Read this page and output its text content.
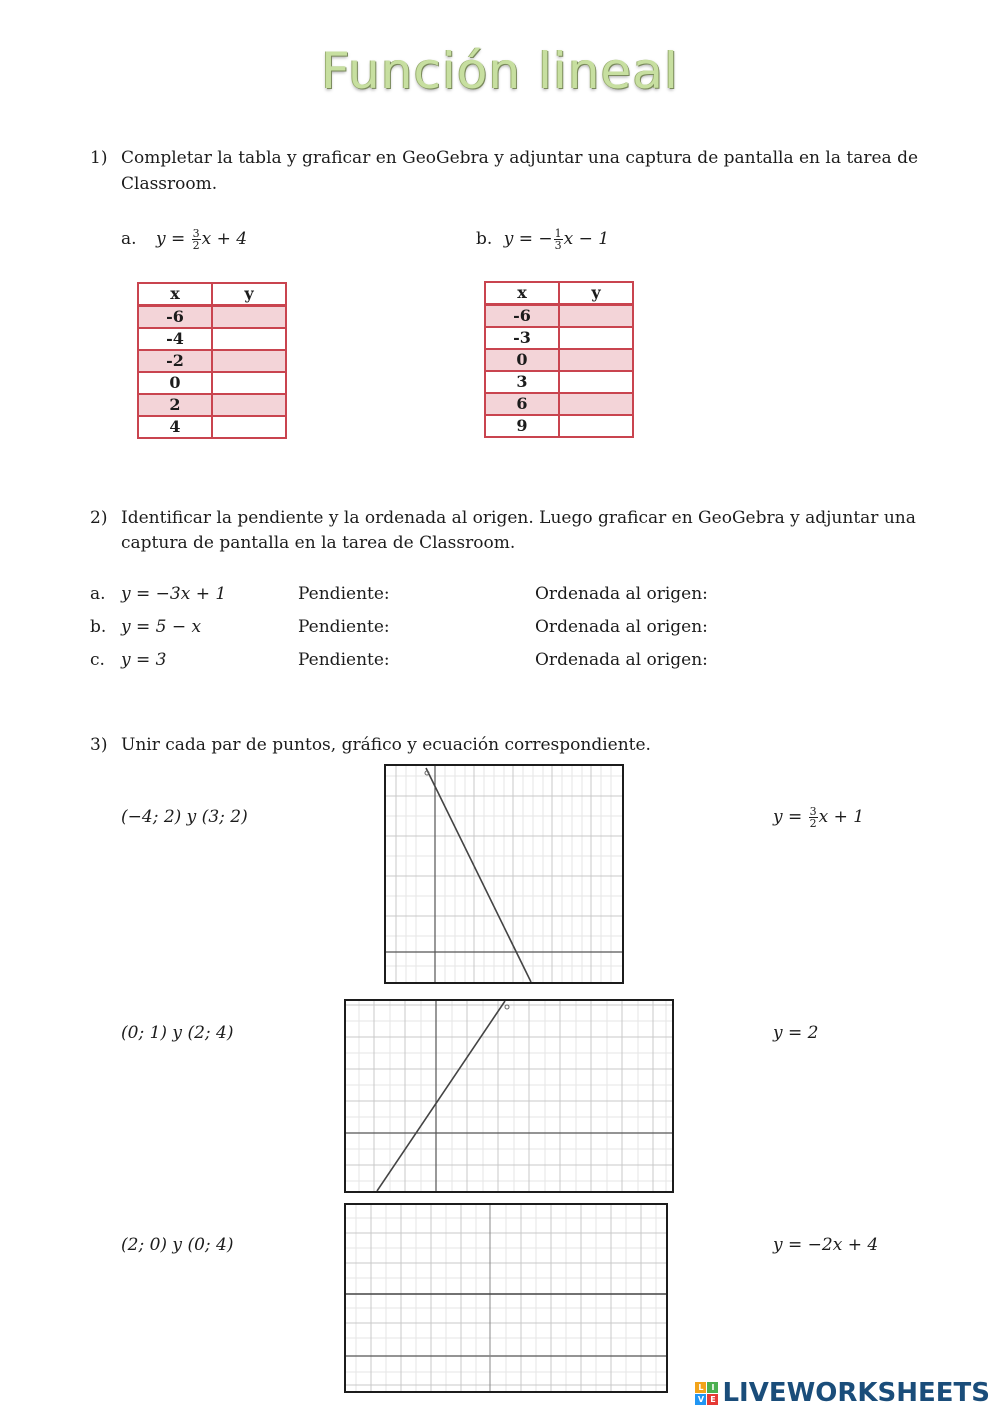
Función lineal
1) Completar la tabla y graficar en GeoGebra y adjuntar una captura de pantalla en la tarea de
Classroom.
a. $y = \frac{3}{2}$ x + 4	b. y = − $\frac{1}{3}$ x − 1
x	y
-6	
-4	
-2	
0	
2	
4	
x	y
-6	
-3	
0	
3	
6	
9	
2) Identificar la pendiente y la ordenada al origen. Luego graficar en GeoGebra y adjuntar una
captura de pantalla en la tarea de Classroom.
a. y = −3x + 1	Pendiente:	Ordenada al origen:
b. y = 5 − x	Pendiente:	Ordenada al origen:
c. y = 3	Pendiente:	Ordenada al origen:
3) Unir cada par de puntos, gráfico y ecuación correspondiente.
(−4; 2) y (3; 2)
(0; 1) y (2; 4)
(2; 0) y (0; 4)
$y = \frac{3}{2}$ x + 1
y = 2
y = −2x + 4
L I
V E LIVEWORKSHEETS
